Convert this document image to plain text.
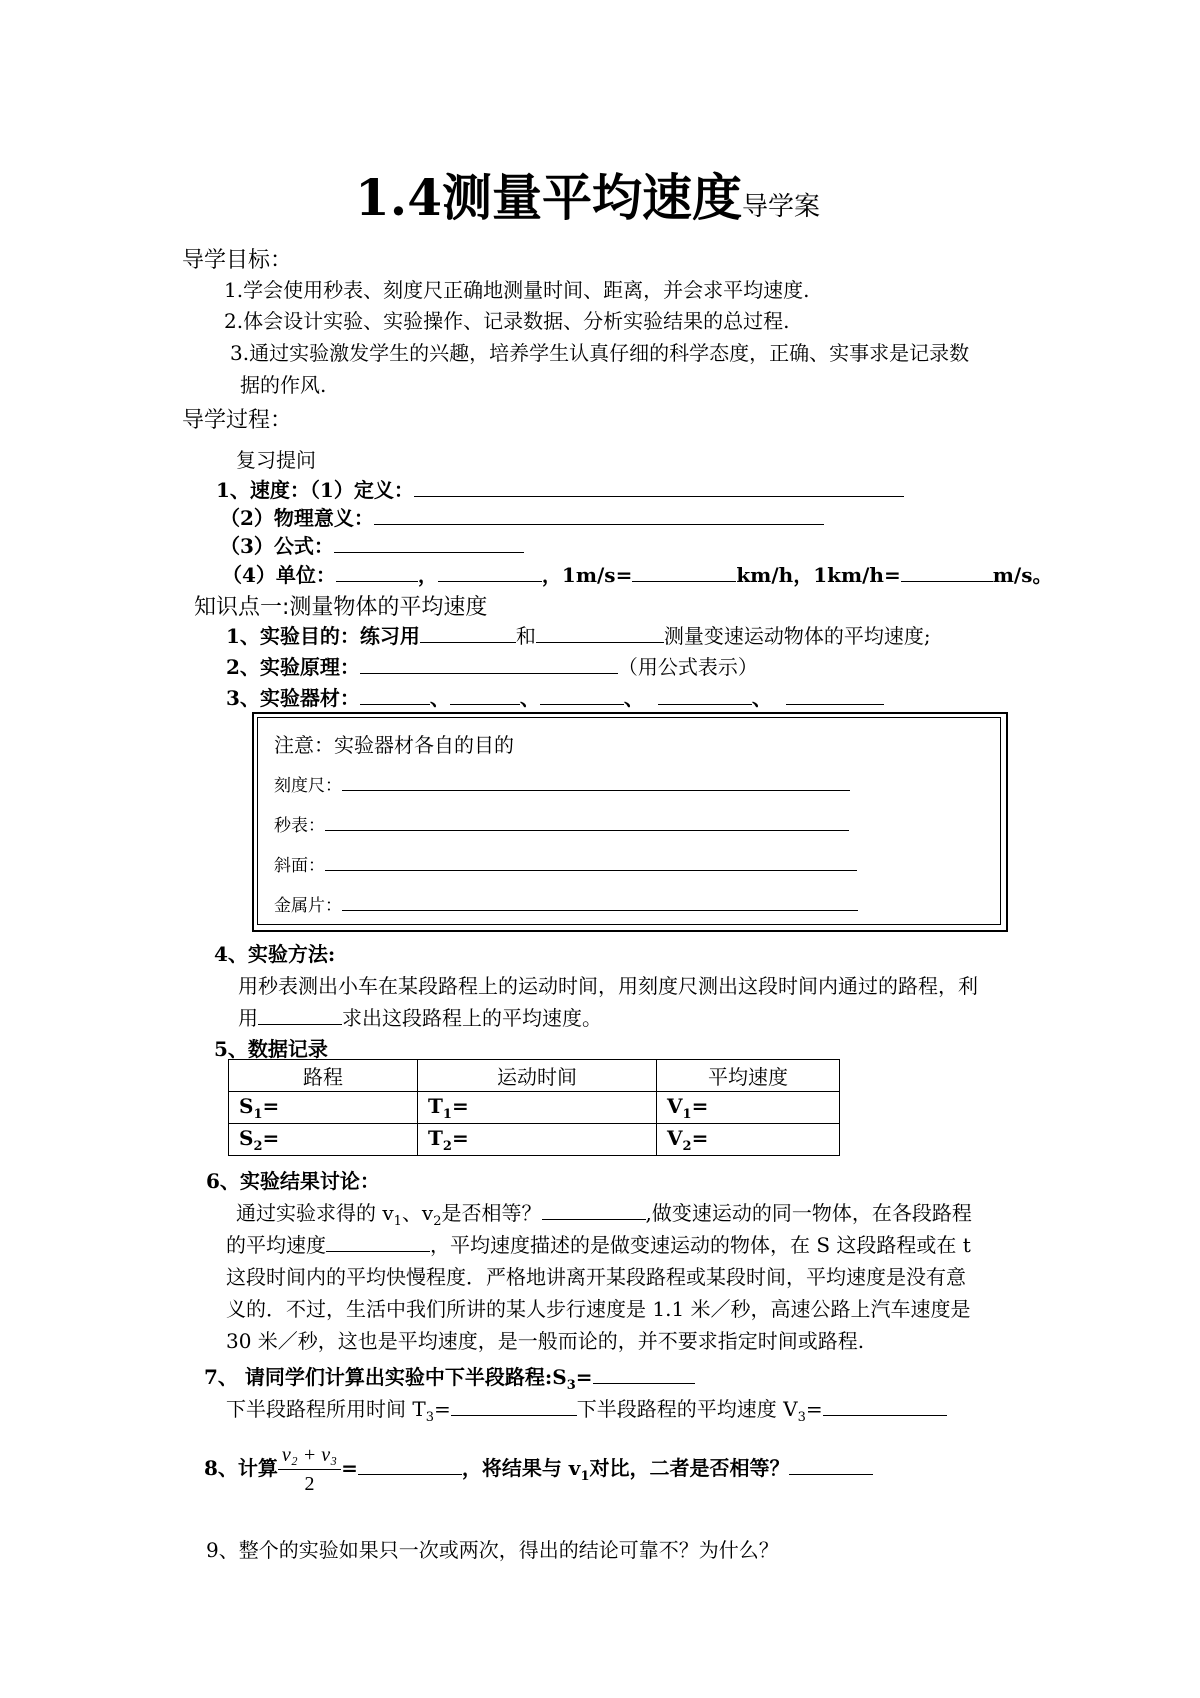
1.4测量平均速度导学案
导学目标：
1.学会使用秒表、刻度尺正确地测量时间、距离，并会求平均速度.
2.体会设计实验、实验操作、记录数据、分析实验结果的总过程.
3.通过实验激发学生的兴趣，培养学生认真仔细的科学态度，正确、实事求是记录数
据的作风.
导学过程：
复习提问
1、速度：（1）定义：
（2）物理意义：
（3）公式：
（4）单位：	，	，1m/s=	km/h，1km/h=	m/s。
知识点一:测量物体的平均速度
1、实验目的：练习用	和	测量变速运动物体的平均速度;
2、实验原理：	（用公式表示）
3、实验器材：	、	、	、	、
注意：实验器材各自的目的
刻度尺：
秒表：
斜面：
金属片：
4、实验方法:
用秒表测出小车在某段路程上的运动时间，用刻度尺测出这段时间内通过的路程，利
用	求出这段路程上的平均速度。
5、数据记录
路程	运动时间	平均速度
$S_1=$	$T_1=$	$V_1=$
$S_2=$	$T_2=$	$V_2=$
6、实验结果讨论：
通过实验求得的 $v_1$、$v_2$是否相等？	,做变速运动的同一物体，在各段路程
的平均速度	，平均速度描述的是做变速运动的物体，在 S 这段路程或在 t
这段时间内的平均快慢程度．严格地讲离开某段路程或某段时间，平均速度是没有意
义的．不过，生活中我们所讲的某人步行速度是 1.1 米／秒，高速公路上汽车速度是
30 米／秒，这也是平均速度，是一般而论的，并不要求指定时间或路程.
7、 请同学们计算出实验中下半段路程$:S_3=$
下半段路程所用时间 $T_3=$	下半段路程的平均速度 $V_3=$
8、计算 $\frac{\text{v₂ + v₃}}{2}$ =	，将结果与 $v_1$对比，二者是否相等？
9、整个的实验如果只一次或两次，得出的结论可靠不？为什么？
